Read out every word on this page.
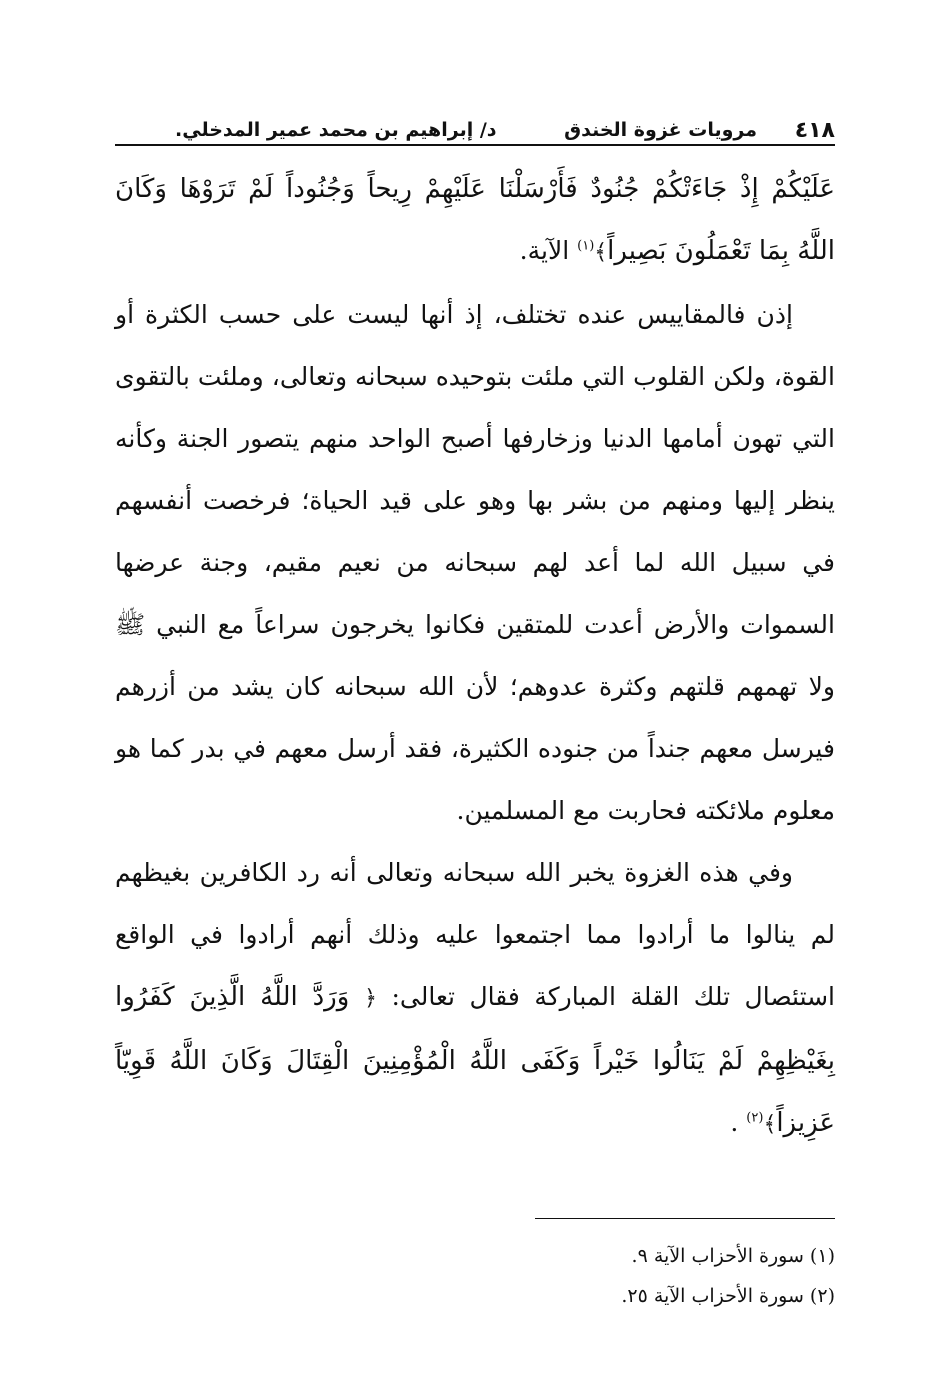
٤١٨
مرويات غزوة الخندق
د/ إبراهيم بن محمد عمير المدخلي.

عَلَيْكُمْ إِذْ جَاءَتْكُمْ جُنُودٌ فَأَرْسَلْنَا عَلَيْهِمْ رِيحاً وَجُنُوداً لَمْ تَرَوْهَا وَكَانَ اللَّهُ بِمَا تَعْمَلُونَ بَصِيراً﴾$^{(١)}$ الآية.

إذن فالمقاييس عنده تختلف، إذ أنها ليست على حسب الكثرة أو القوة، ولكن القلوب التي ملئت بتوحيده سبحانه وتعالى، وملئت بالتقوى التي تهون أمامها الدنيا وزخارفها أصبح الواحد منهم يتصور الجنة وكأنه ينظر إليها ومنهم من بشر بها وهو على قيد الحياة؛ فرخصت أنفسهم في سبيل الله لما أعد لهم سبحانه من نعيم مقيم، وجنة عرضها السموات والأرض أعدت للمتقين فكانوا يخرجون سراعاً مع النبي ﷺ ولا تهمهم قلتهم وكثرة عدوهم؛ لأن الله سبحانه كان يشد من أزرهم فيرسل معهم جنداً من جنوده الكثيرة، فقد أرسل معهم في بدر كما هو معلوم ملائكته فحاربت مع المسلمين.

وفي هذه الغزوة يخبر الله سبحانه وتعالى أنه رد الكافرين بغيظهم لم ينالوا ما أرادوا مما اجتمعوا عليه وذلك أنهم أرادوا في الواقع استئصال تلك القلة المباركة فقال تعالى: ﴿ وَرَدَّ اللَّهُ الَّذِينَ كَفَرُوا بِغَيْظِهِمْ لَمْ يَنَالُوا خَيْراً وَكَفَى اللَّهُ الْمُؤْمِنِينَ الْقِتَالَ وَكَانَ اللَّهُ قَوِيّاً عَزِيزاً﴾$^{(٢)}$ .

(١) سورة الأحزاب الآية ٩.
(٢) سورة الأحزاب الآية ٢٥.
